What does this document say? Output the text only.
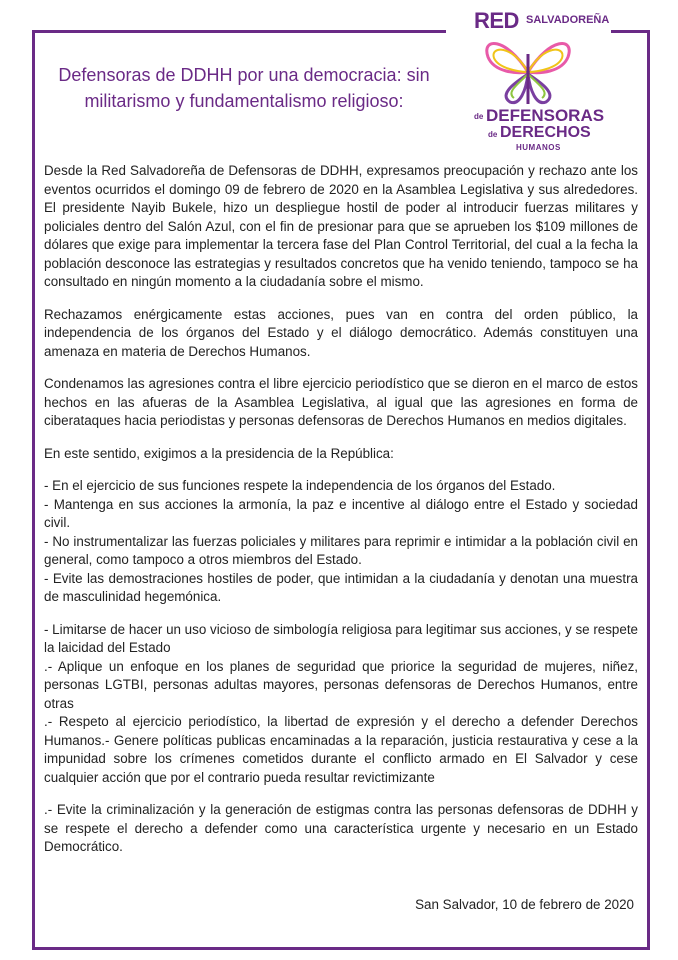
RED SALVADOREÑA
de DEFENSORAS
de DERECHOS
HUMANOS
Defensoras de DDHH por una democracia: sin militarismo y fundamentalismo religioso:

Desde la Red Salvadoreña de Defensoras de DDHH, expresamos preocupación y rechazo ante los eventos ocurridos el domingo 09 de febrero de 2020 en la Asamblea Legislativa y sus alrededores. El presidente Nayib Bukele, hizo un despliegue hostil de poder al introducir fuerzas militares y policiales dentro del Salón Azul, con el fin de presionar para que se aprueben los $109 millones de dólares que exige para implementar la tercera fase del Plan Control Territorial, del cual a la fecha la población desconoce las estrategias y resultados concretos que ha venido teniendo, tampoco se ha consultado en ningún momento a la ciudadanía sobre el mismo.

Rechazamos enérgicamente estas acciones, pues van en contra del orden público, la independencia de los órganos del Estado y el diálogo democrático. Además constituyen una amenaza en materia de Derechos Humanos.

Condenamos las agresiones contra el libre ejercicio periodístico que se dieron en el marco de estos hechos en las afueras de la Asamblea Legislativa, al igual que las agresiones en forma de ciberataques hacia periodistas y personas defensoras de Derechos Humanos en medios digitales.

En este sentido, exigimos a la presidencia de la República:

- En el ejercicio de sus funciones respete la independencia de los órganos del Estado.

- Mantenga en sus acciones la armonía, la paz e incentive al diálogo entre el Estado y sociedad civil.

- No instrumentalizar las fuerzas policiales y militares para reprimir e intimidar a la población civil en general, como tampoco a otros miembros del Estado.

- Evite las demostraciones hostiles de poder, que intimidan a la ciudadanía y denotan una muestra de masculinidad hegemónica.

- Limitarse de hacer un uso vicioso de simbología religiosa para legitimar sus acciones, y se respete la laicidad del Estado

.- Aplique un enfoque en los planes de seguridad que priorice la seguridad de mujeres, niñez, personas LGTBI, personas adultas mayores, personas defensoras de Derechos Humanos, entre otras

.- Respeto al ejercicio periodístico, la libertad de expresión y el derecho a defender Derechos Humanos.- Genere políticas publicas encaminadas a la reparación, justicia restaurativa y cese a la impunidad sobre los crímenes cometidos durante el conflicto armado en El Salvador y cese cualquier acción que por el contrario pueda resultar revictimizante

.- Evite la criminalización y la generación de estigmas contra las personas defensoras de DDHH y se respete el derecho a defender como una característica urgente y necesario en un Estado Democrático.

San Salvador, 10 de febrero de 2020
